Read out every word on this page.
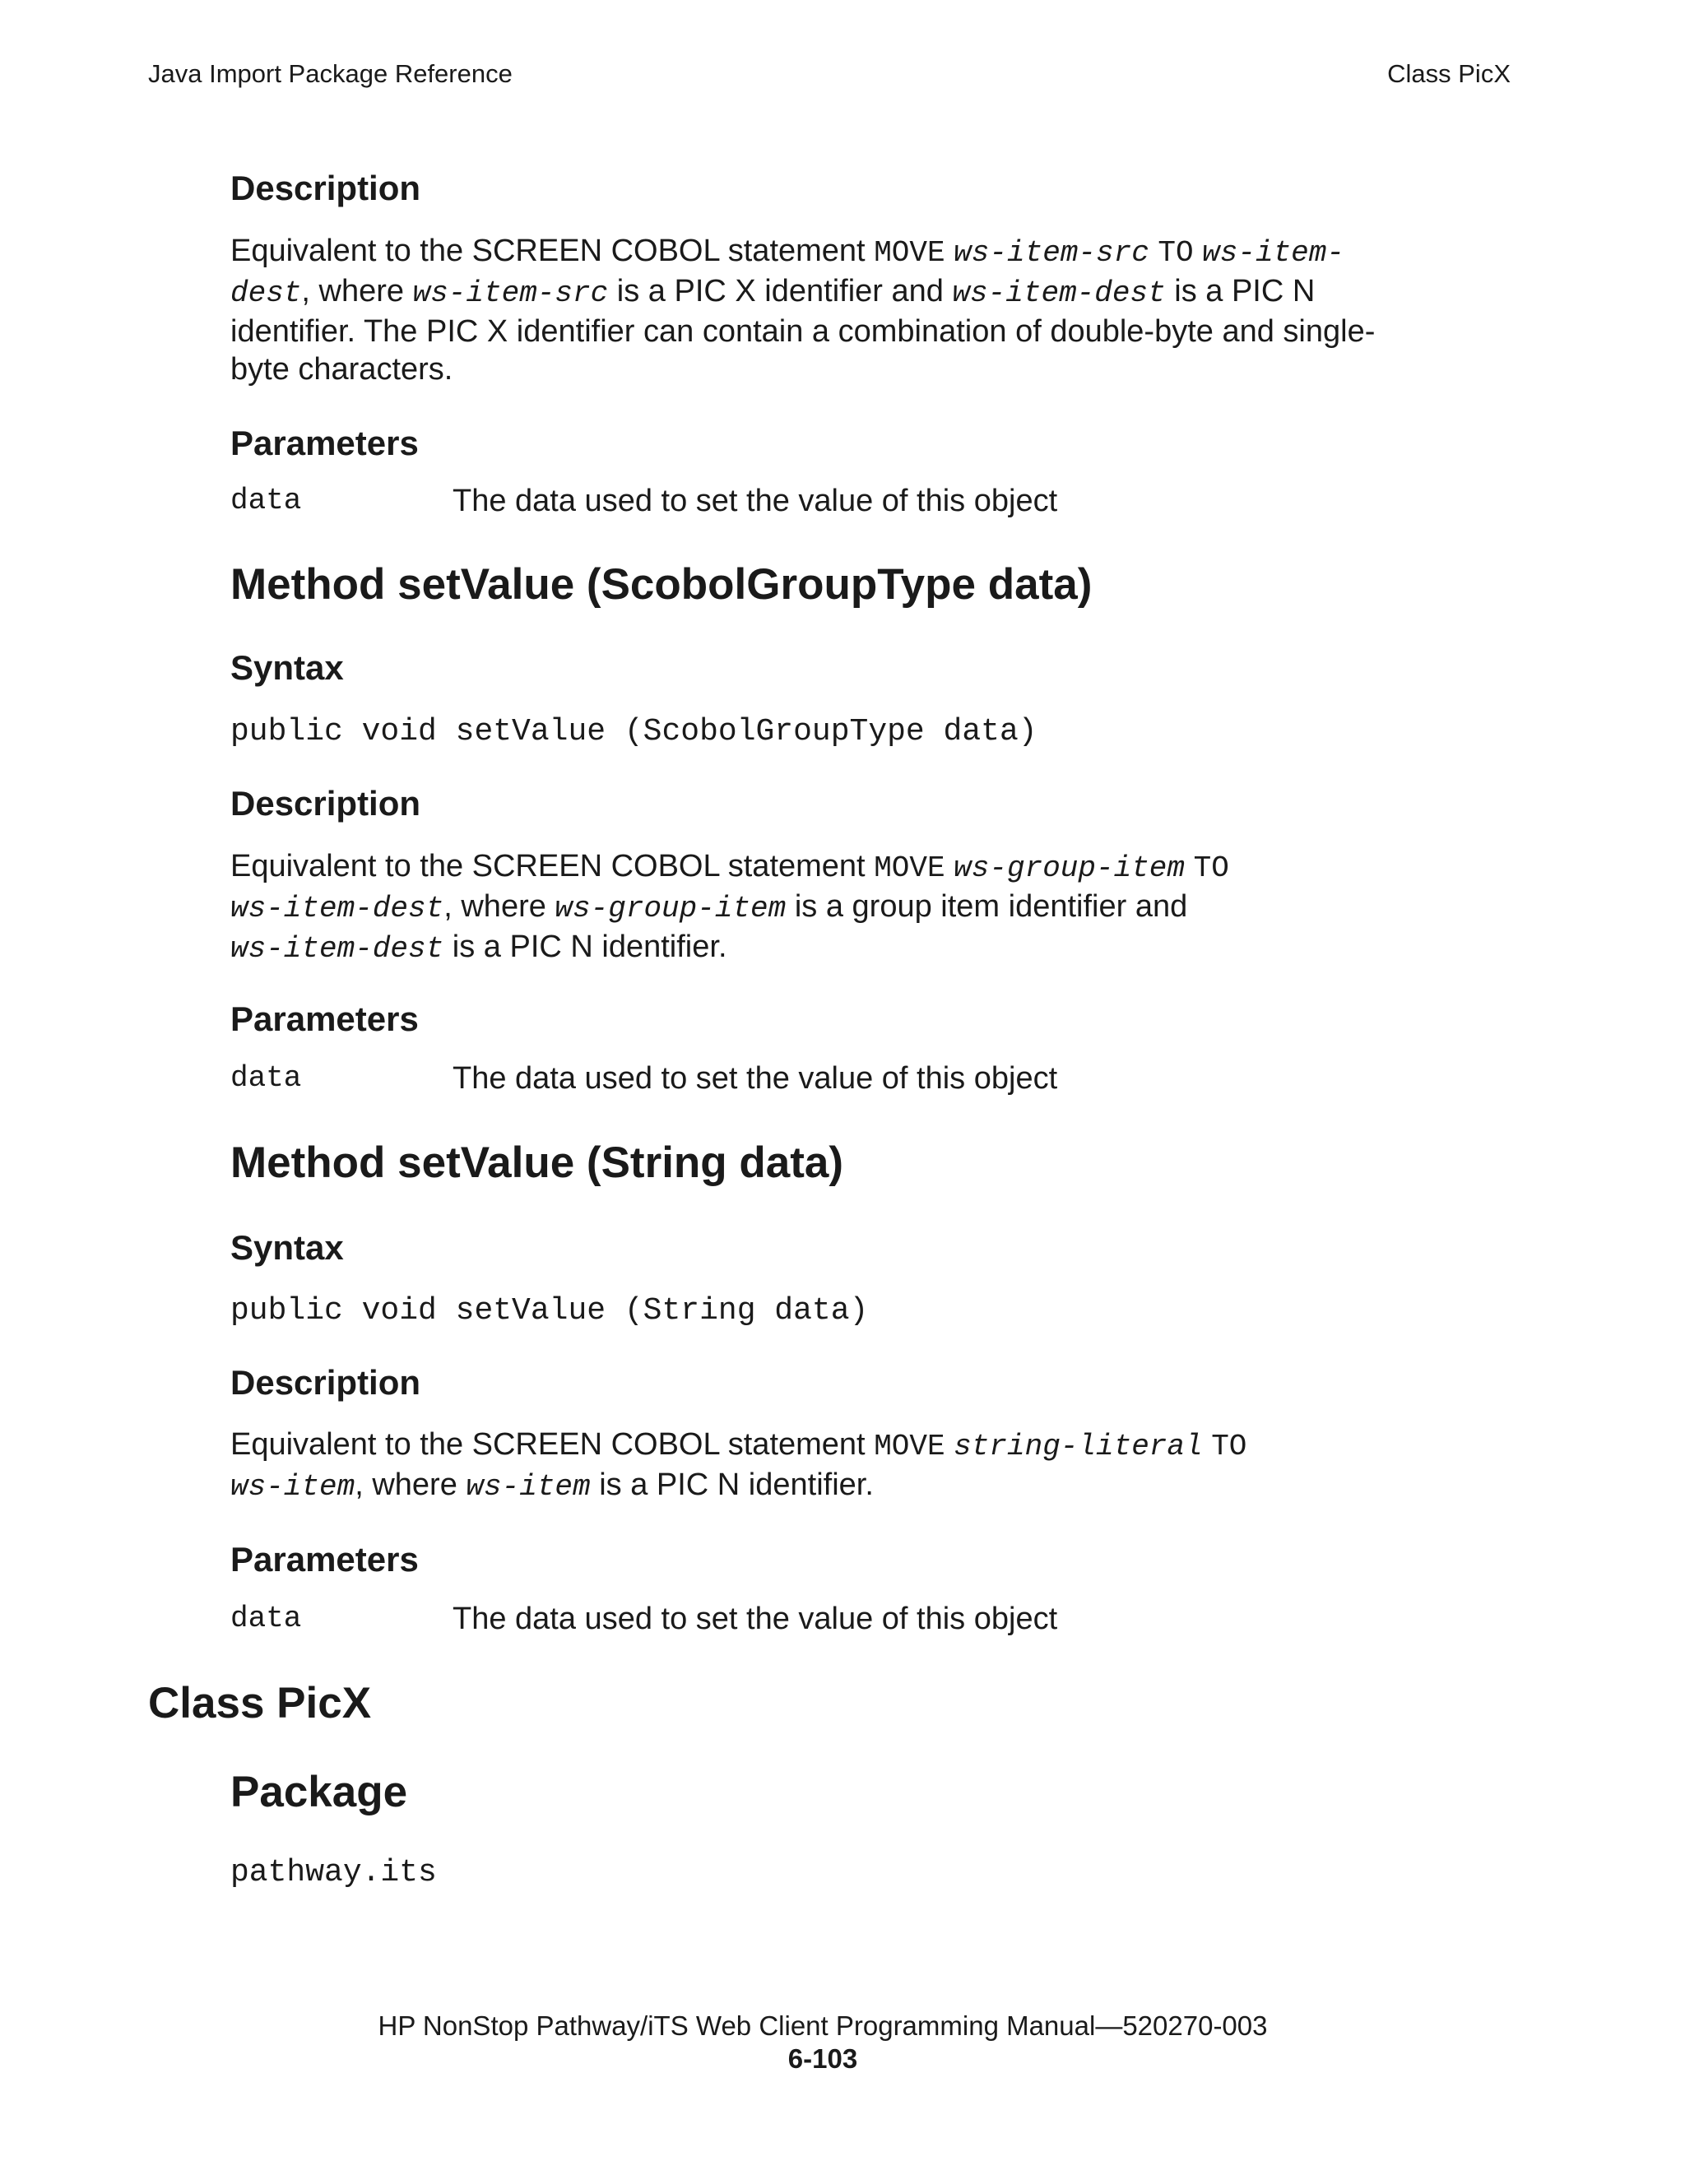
Java Import Package Reference	Class PicX

Description

Equivalent to the SCREEN COBOL statement MOVE ws-item-src TO ws-item-
dest, where ws-item-src is a PIC X identifier and ws-item-dest is a PIC N
identifier. The PIC X identifier can contain a combination of double-byte and single-
byte characters.

Parameters

data	The data used to set the value of this object

Method setValue (ScobolGroupType data)

Syntax

public void setValue (ScobolGroupType data)

Description

Equivalent to the SCREEN COBOL statement MOVE ws-group-item TO
ws-item-dest, where ws-group-item is a group item identifier and
ws-item-dest is a PIC N identifier.

Parameters

data	The data used to set the value of this object

Method setValue (String data)

Syntax

public void setValue (String data)

Description

Equivalent to the SCREEN COBOL statement MOVE string-literal TO
ws-item, where ws-item is a PIC N identifier.

Parameters

data	The data used to set the value of this object

Class PicX

Package

pathway.its
HP NonStop Pathway/iTS Web Client Programming Manual—520270-003
6-103
